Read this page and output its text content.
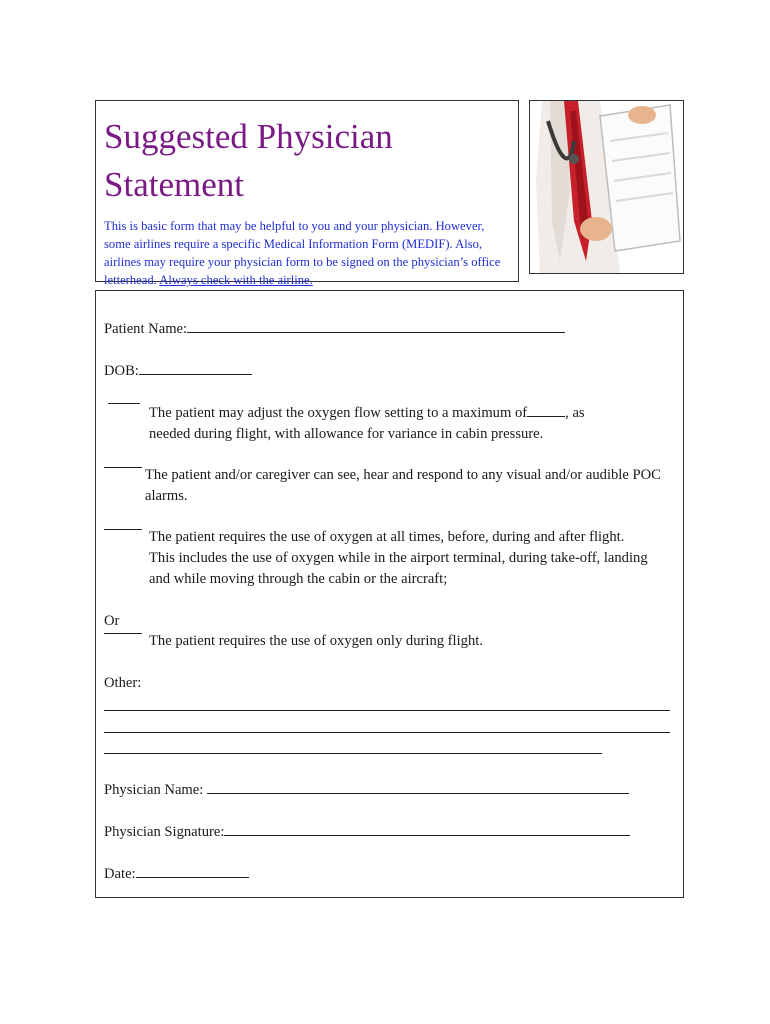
Suggested Physician
Statement
This is basic form that may be helpful to you and your physician. However, some airlines require a specific Medical Information Form (MEDIF). Also, airlines may require your physician form to be signed on the physician’s office letterhead. Always check with the airline.
Patient Name:
DOB:
The patient may adjust the oxygen flow setting to a maximum of	, as
needed during flight, with allowance for variance in cabin pressure.
The patient and/or caregiver can see, hear and respond to any visual and/or audible POC alarms.
The patient requires the use of oxygen at all times, before, during and after flight. This includes the use of oxygen while in the airport terminal, during take-off, landing and while moving through the cabin or the aircraft;
Or
The patient requires the use of oxygen only during flight.
Other:
Physician Name:
Physician Signature:
Date:
